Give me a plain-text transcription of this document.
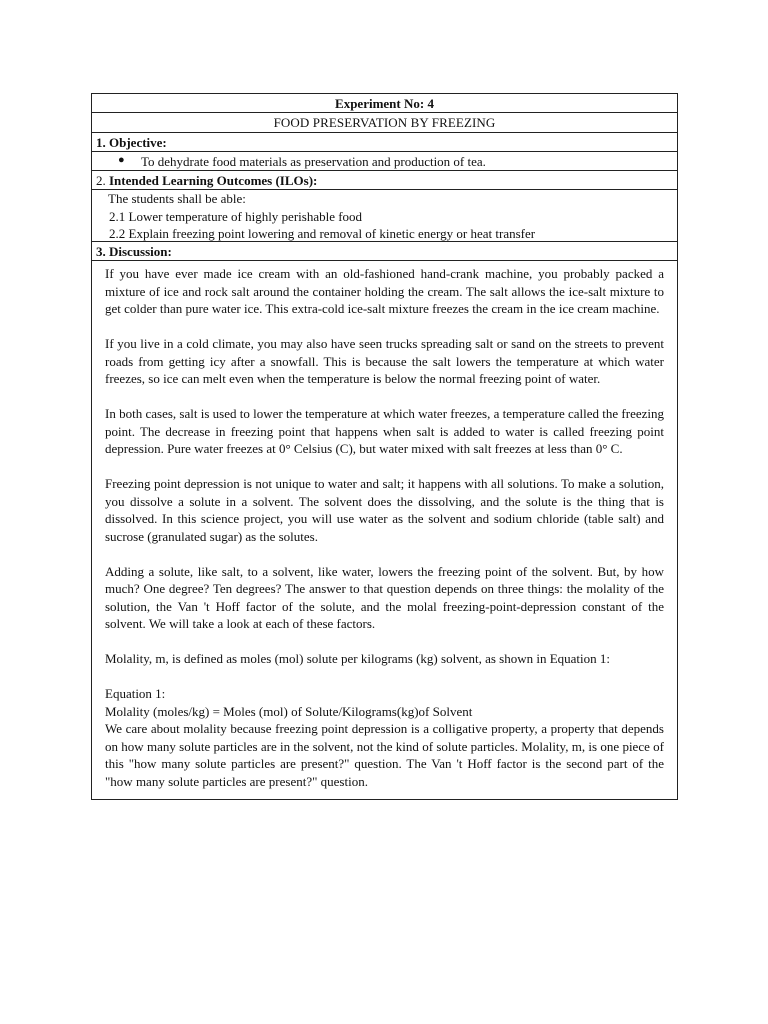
Experiment No: 4
FOOD PRESERVATION BY FREEZING
1. Objective:
● To dehydrate food materials as preservation and production of tea.
2. Intended Learning Outcomes (ILOs):
The students shall be able:
2.1 Lower temperature of highly perishable food
2.2 Explain freezing point lowering and removal of kinetic energy or heat transfer
3. Discussion:

If you have ever made ice cream with an old-fashioned hand-crank machine, you probably packed a mixture of ice and rock salt around the container holding the cream. The salt allows the ice-salt mixture to get colder than pure water ice. This extra-cold ice-salt mixture freezes the cream in the ice cream machine.

If you live in a cold climate, you may also have seen trucks spreading salt or sand on the streets to prevent roads from getting icy after a snowfall. This is because the salt lowers the temperature at which water freezes, so ice can melt even when the temperature is below the normal freezing point of water.

In both cases, salt is used to lower the temperature at which water freezes, a temperature called the freezing point. The decrease in freezing point that happens when salt is added to water is called freezing point depression. Pure water freezes at 0° Celsius (C), but water mixed with salt freezes at less than 0° C.

Freezing point depression is not unique to water and salt; it happens with all solutions. To make a solution, you dissolve a solute in a solvent. The solvent does the dissolving, and the solute is the thing that is dissolved. In this science project, you will use water as the solvent and sodium chloride (table salt) and sucrose (granulated sugar) as the solutes.

Adding a solute, like salt, to a solvent, like water, lowers the freezing point of the solvent. But, by how much? One degree? Ten degrees? The answer to that question depends on three things: the molality of the solution, the Van 't Hoff factor of the solute, and the molal freezing-point-depression constant of the solvent. We will take a look at each of these factors.

Molality, m, is defined as moles (mol) solute per kilograms (kg) solvent, as shown in Equation 1:

Equation 1:

Molality (moles/kg) = Moles (mol) of Solute/Kilograms(kg)of Solvent

We care about molality because freezing point depression is a colligative property, a property that depends on how many solute particles are in the solvent, not the kind of solute particles. Molality, m, is one piece of this "how many solute particles are present?" question. The Van 't Hoff factor is the second part of the "how many solute particles are present?" question.
